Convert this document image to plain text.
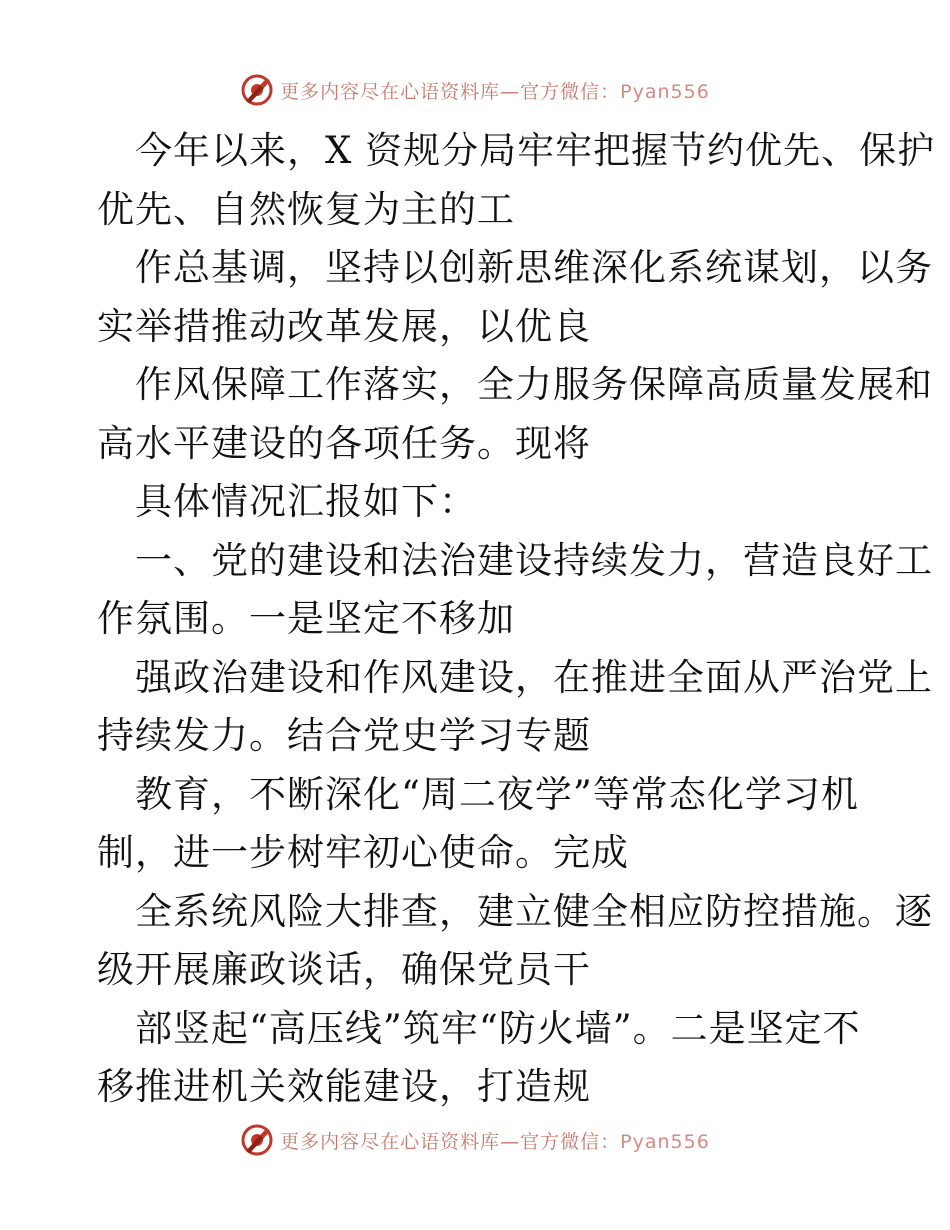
更多内容尽在心语资料库—官方微信：Pyan556
今年以来，X 资规分局牢牢把握节约优先、保护
优先、自然恢复为主的工
作总基调，坚持以创新思维深化系统谋划，以务
实举措推动改革发展，以优良
作风保障工作落实，全力服务保障高质量发展和
高水平建设的各项任务。现将
具体情况汇报如下：
一、党的建设和法治建设持续发力，营造良好工
作氛围。一是坚定不移加
强政治建设和作风建设，在推进全面从严治党上
持续发力。结合党史学习专题
教育，不断深化“周二夜学”等常态化学习机
制，进一步树牢初心使命。完成
全系统风险大排查，建立健全相应防控措施。逐
级开展廉政谈话，确保党员干
部竖起“高压线”筑牢“防火墙”。二是坚定不
移推进机关效能建设，打造规
更多内容尽在心语资料库—官方微信：Pyan556
